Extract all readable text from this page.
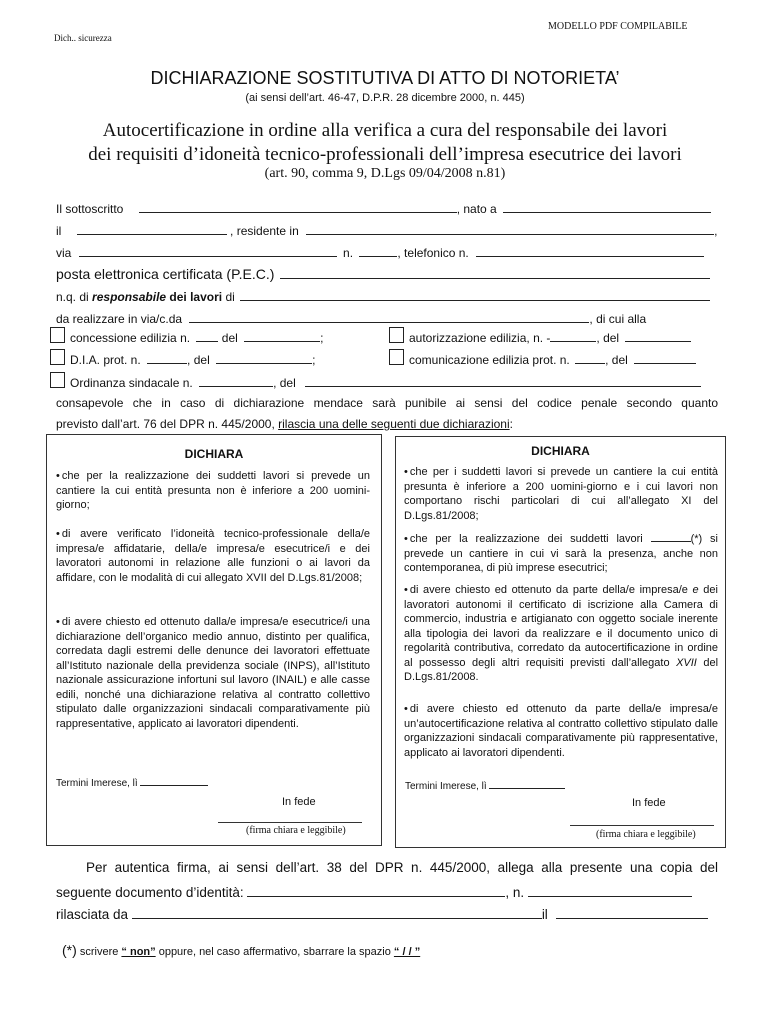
MODELLO PDF COMPILABILE
Dich.. sicurezza
DICHIARAZIONE SOSTITUTIVA DI ATTO DI NOTORIETA’
(ai sensi dell’art. 46-47, D.P.R. 28 dicembre 2000, n. 445)
Autocertificazione in ordine alla verifica a cura del responsabile dei lavori
dei requisiti d’idoneità tecnico-professionali dell’impresa esecutrice dei lavori
(art. 90, comma 9, D.Lgs 09/04/2008 n.81)
Il sottoscritto	, nato a
il	, residente in	,
via	n.	, telefonico n.
posta elettronica certificata (P.E.C.)
n.q. di responsabile dei lavori di
da realizzare in via/c.da	, di cui alla
concessione edilizia n.	del	;	autorizzazione edilizia, n. -	, del
D.I.A. prot. n.	, del	;	comunicazione edilizia prot. n.	, del
Ordinanza sindacale n.	, del
consapevole che in caso di dichiarazione mendace sarà punibile ai sensi del codice penale secondo quanto
previsto dall’art. 76 del DPR n. 445/2000, rilascia una delle seguenti due dichiarazioni:
DICHIARA
• che per la realizzazione dei suddetti lavori si prevede un cantiere la cui entità presunta non è inferiore a 200 uomini-giorno;
• di avere verificato l’idoneità tecnico-professionale della/e impresa/e affidatarie, della/e impresa/e esecutrice/i e dei lavoratori autonomi in relazione alle funzioni o ai lavori da affidare, con le modalità di cui allegato XVII del D.Lgs.81/2008;
• di avere chiesto ed ottenuto dalla/e impresa/e esecutrice/i una dichiarazione dell’organico medio annuo, distinto per qualifica, corredata dagli estremi delle denunce dei lavoratori effettuate all’Istituto nazionale della previdenza sociale (INPS), all’Istituto nazionale assicurazione infortuni sul lavoro (INAIL) e alle casse edili, nonché una dichiarazione relativa al contratto collettivo stipulato dalle organizzazioni sindacali comparativamente più rappresentative, applicato ai lavoratori dipendenti.
Termini Imerese, lì
In fede
(firma chiara e leggibile)
DICHIARA
• che per i suddetti lavori si prevede un cantiere la cui entità presunta è inferiore a 200 uomini-giorno e i cui lavori non comportano rischi particolari di cui all’allegato XI del D.Lgs.81/2008;
• che per la realizzazione dei suddetti lavori	(*) si prevede un cantiere in cui vi sarà la presenza, anche non contemporanea, di più imprese esecutrici;
• di avere chiesto ed ottenuto da parte della/e impresa/e e dei lavoratori autonomi il certificato di iscrizione alla Camera di commercio, industria e artigianato con oggetto sociale inerente alla tipologia dei lavori da realizzare e il documento unico di regolarità contributiva, corredato da autocertificazione in ordine al possesso degli altri requisiti previsti dall’allegato XVII del D.Lgs.81/2008.
• di avere chiesto ed ottenuto da parte della/e impresa/e un’autocertificazione relativa al contratto collettivo stipulato dalle organizzazioni sindacali comparativamente più rappresentative, applicato ai lavoratori dipendenti.
Termini Imerese, lì
In fede
(firma chiara e leggibile)
Per autentica firma, ai sensi dell’art. 38 del DPR n. 445/2000, allega alla presente una copia del
seguente documento d’identità:	, n.
rilasciata da	il
(*) scrivere “ non” oppure, nel caso affermativo, sbarrare la spazio “ / / ”
